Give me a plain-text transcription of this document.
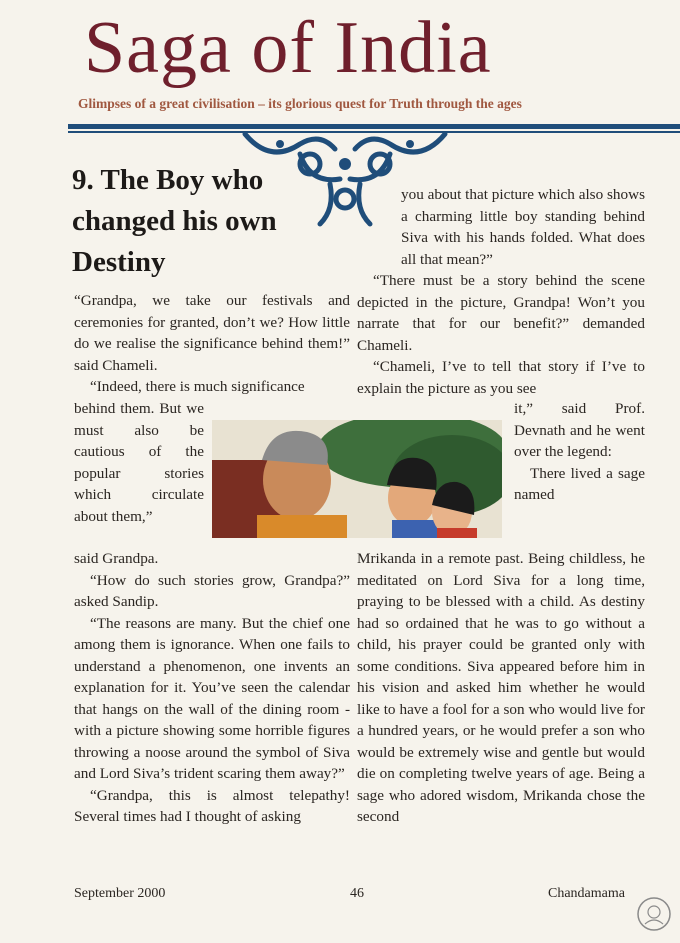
Saga of India
Glimpses of a great civilisation – its glorious quest for Truth through the ages
9. The Boy who changed his own Destiny

you about that picture which also shows a charming little boy standing behind Siva with his hands folded. What does all that mean?”

“There must be a story behind the scene depicted in the picture, Grandpa! Won’t you narrate that for our benefit?” demanded Chameli.

“Chameli, I’ve to tell that story if I’ve to explain the picture as you see

“Grandpa, we take our festivals and ceremonies for granted, don’t we? How little do we realise the significance behind them!” said Chameli.

“Indeed, there is much significance

behind them. But we must also be cautious of the popular stories which circulate about them,”
it,” said Prof. Devnath and he went over the legend:
There lived a sage named

said Grandpa.

“How do such stories grow, Grandpa?” asked Sandip.

“The reasons are many. But the chief one among them is ignorance. When one fails to understand a phenomenon, one invents an explanation for it. You’ve seen the calendar that hangs on the wall of the dining room - with a picture showing some horrible figures throwing a noose around the symbol of Siva and Lord Siva’s trident scaring them away?”

“Grandpa, this is almost telepathy! Several times had I thought of asking

Mrikanda in a remote past. Being childless, he meditated on Lord Siva for a long time, praying to be blessed with a child. As destiny had so ordained that he was to go without a child, his prayer could be granted only with some conditions. Siva appeared before him in his vision and asked him whether he would like to have a fool for a son who would live for a hundred years, or he would prefer a son who would be extremely wise and gentle but would die on completing twelve years of age. Being a sage who adored wisdom, Mrikanda chose the second

September 2000	46	Chandamama
